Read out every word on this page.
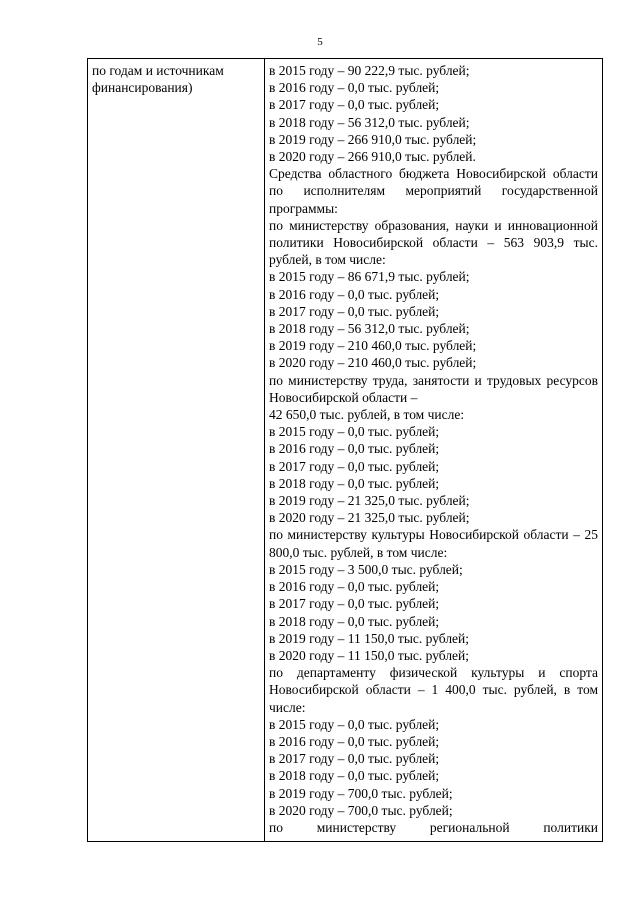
5
по годам и источникам финансирования)

в 2015 году – 90 222,9 тыс. рублей;
в 2016 году – 0,0 тыс. рублей;
в 2017 году – 0,0 тыс. рублей;
в 2018 году – 56 312,0 тыс. рублей;
в 2019 году – 266 910,0 тыс. рублей;
в 2020 году – 266 910,0 тыс. рублей.
Средства областного бюджета Новосибирской области по исполнителям мероприятий государственной программы:
по министерству образования, науки и инновационной политики Новосибирской области – 563 903,9 тыс. рублей, в том числе:
в 2015 году – 86 671,9 тыс. рублей;
в 2016 году – 0,0 тыс. рублей;
в 2017 году – 0,0 тыс. рублей;
в 2018 году – 56 312,0 тыс. рублей;
в 2019 году – 210 460,0 тыс. рублей;
в 2020 году – 210 460,0 тыс. рублей;
по министерству труда, занятости и трудовых ресурсов Новосибирской области –
42 650,0 тыс. рублей, в том числе:
в 2015 году – 0,0 тыс. рублей;
в 2016 году – 0,0 тыс. рублей;
в 2017 году – 0,0 тыс. рублей;
в 2018 году – 0,0 тыс. рублей;
в 2019 году – 21 325,0 тыс. рублей;
в 2020 году – 21 325,0 тыс. рублей;
по министерству культуры Новосибирской области – 25 800,0 тыс. рублей, в том числе:
в 2015 году – 3 500,0 тыс. рублей;
в 2016 году – 0,0 тыс. рублей;
в 2017 году – 0,0 тыс. рублей;
в 2018 году – 0,0 тыс. рублей;
в 2019 году – 11 150,0 тыс. рублей;
в 2020 году – 11 150,0 тыс. рублей;
по департаменту физической культуры и спорта Новосибирской области – 1 400,0 тыс. рублей, в том числе:
в 2015 году – 0,0 тыс. рублей;
в 2016 году – 0,0 тыс. рублей;
в 2017 году – 0,0 тыс. рублей;
в 2018 году – 0,0 тыс. рублей;
в 2019 году – 700,0 тыс. рублей;
в 2020 году – 700,0 тыс. рублей;
по министерству региональной политики
